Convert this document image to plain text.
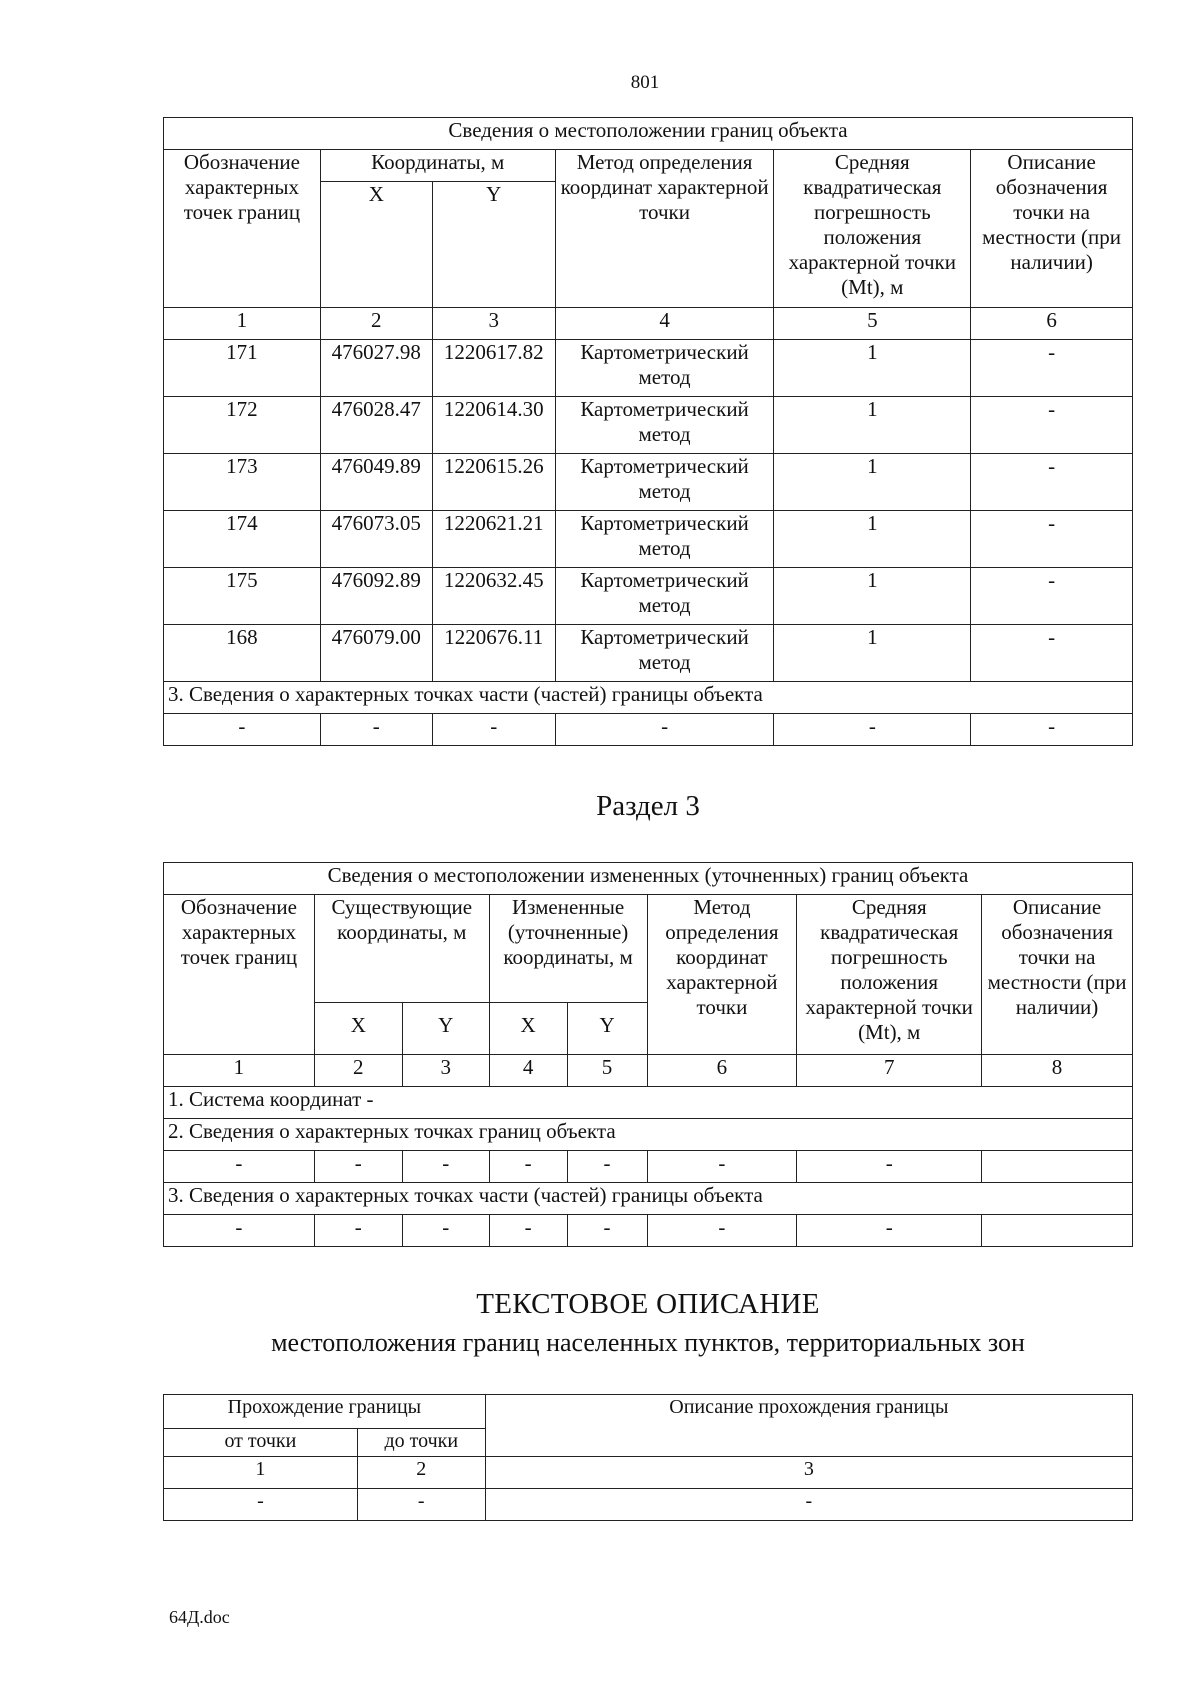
801
Сведения о местоположении границ объекта					
Обозначение характерных точек границ	Координаты, м		Метод определения координат характерной точки	Средняя квадратическая погрешность положения характерной точки (Mt), м	Описание обозначения точки на местности (при наличии)
	X	Y			
1	2	3	4	5	6
171	476027.98	1220617.82	Картометрический метод	1	-
172	476028.47	1220614.30	Картометрический метод	1	-
173	476049.89	1220615.26	Картометрический метод	1	-
174	476073.05	1220621.21	Картометрический метод	1	-
175	476092.89	1220632.45	Картометрический метод	1	-
168	476079.00	1220676.11	Картометрический метод	1	-
3. Сведения о характерных точках части (частей) границы объекта					
-	-	-	-	-	-
Раздел 3
Сведения о местоположении измененных (уточненных) границ объекта							
Обозначение характерных точек границ	Существующие координаты, м		Измененные (уточненные) координаты, м		Метод определения координат характерной точки	Средняя квадратическая погрешность положения характерной точки (Mt), м	Описание обозначения точки на местности (при наличии)
	X	Y	X	Y			
1	2	3	4	5	6	7	8
1. Система координат -							
2. Сведения о характерных точках границ объекта							
-	-	-	-	-	-	-	
3. Сведения о характерных точках части (частей) границы объекта							
-	-	-	-	-	-	-	
ТЕКСТОВОЕ ОПИСАНИЕ
местоположения границ населенных пунктов, территориальных зон
Прохождение границы		Описание прохождения границы
от точки	до точки	
1	2	3
-	-	-
64Д.doc
